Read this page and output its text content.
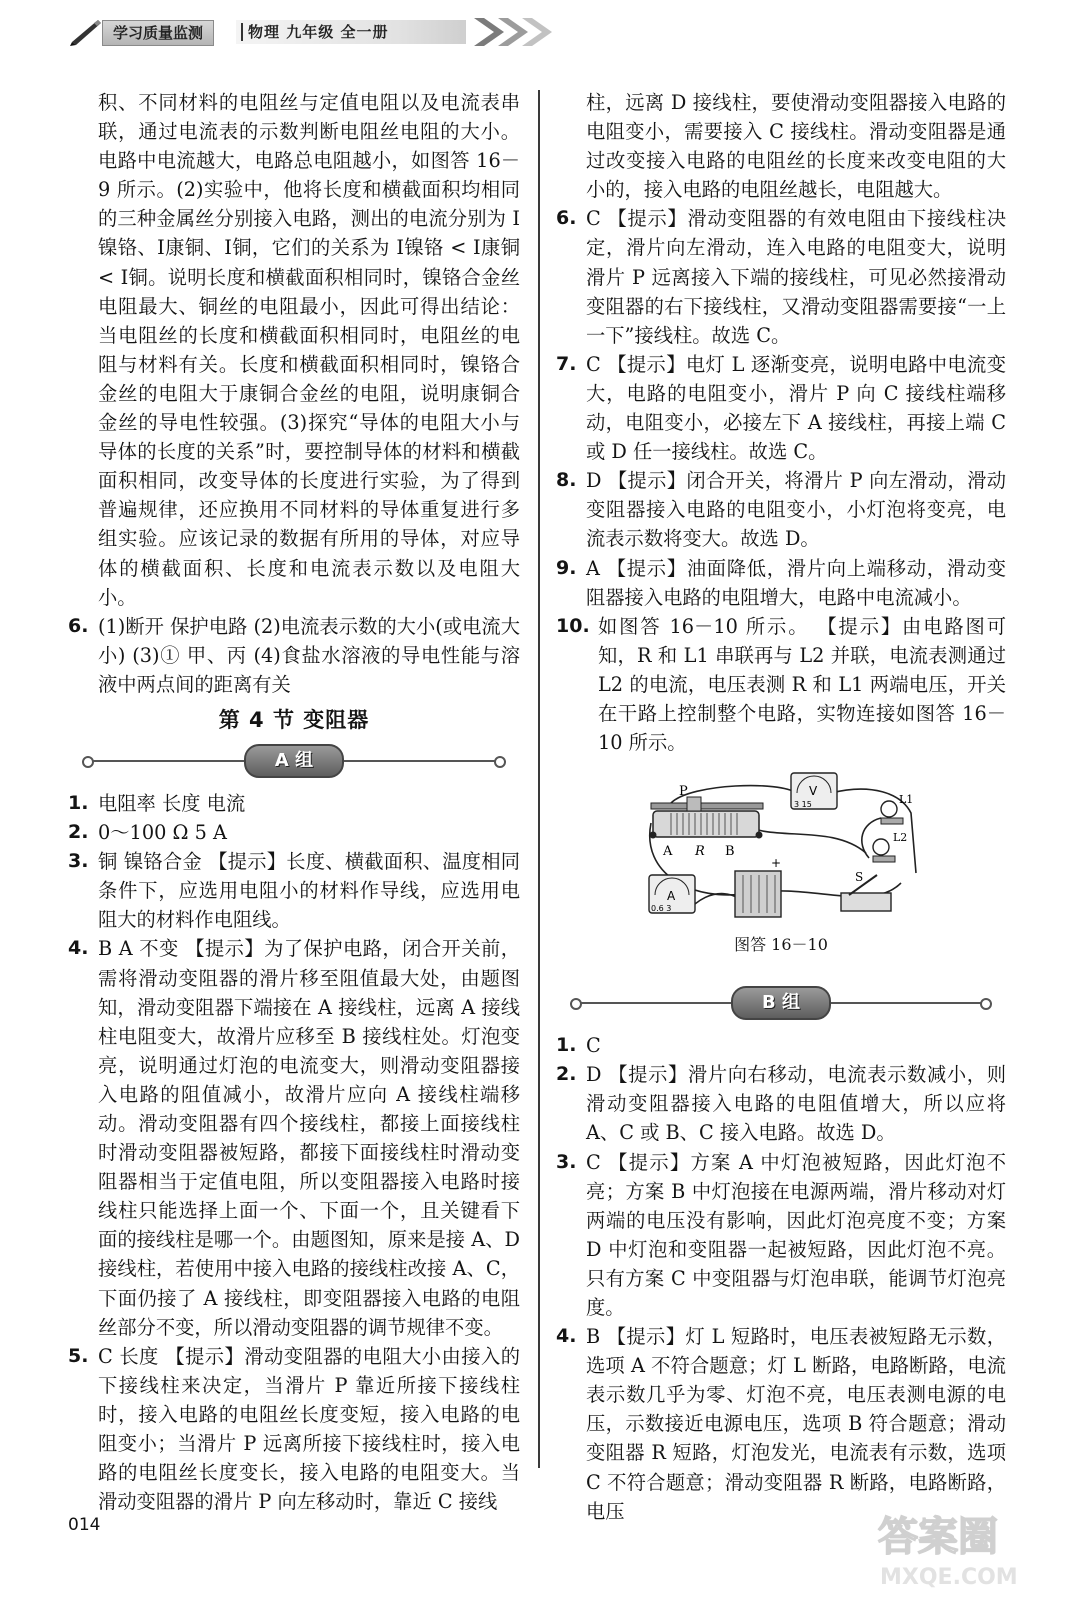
学习质量监测	物理 九年级 全一册

积、不同材料的电阻丝与定值电阻以及电流表串联，通过电流表的示数判断电阻丝电阻的大小。电路中电流越大，电路总电阻越小，如图答 16－9 所示。(2)实验中，他将长度和横截面积均相同的三种金属丝分别接入电路，测出的电流分别为 I镍铬、I康铜、I铜，它们的关系为 I镍铬 < I康铜 < I铜。说明长度和横截面积相同时，镍铬合金丝电阻最大、铜丝的电阻最小，因此可得出结论：当电阻丝的长度和横截面积相同时，电阻丝的电阻与材料有关。长度和横截面积相同时，镍铬合金丝的电阻大于康铜合金丝的电阻，说明康铜合金丝的导电性较强。(3)探究“导体的电阻大小与导体的长度的关系”时，要控制导体的材料和横截面积相同，改变导体的长度进行实验，为了得到普遍规律，还应换用不同材料的导体重复进行多组实验。应该记录的数据有所用的导体，对应导体的横截面积、长度和电流表示数以及电阻大小。

6. (1)断开 保护电路 (2)电流表示数的大小(或电流大小) (3)① 甲、丙 (4)食盐水溶液的导电性能与溶液中两点间的距离有关
第 4 节 变阻器
A 组
1. 电阻率 长度 电流
2. 0～100 Ω 5 A
3. 铜 镍铬合金 【提示】长度、横截面积、温度相同条件下，应选用电阻小的材料作导线，应选用电阻大的材料作电阻线。
4. B A 不变 【提示】为了保护电路，闭合开关前，需将滑动变阻器的滑片移至阻值最大处，由题图知，滑动变阻器下端接在 A 接线柱，远离 A 接线柱电阻变大，故滑片应移至 B 接线柱处。灯泡变亮，说明通过灯泡的电流变大，则滑动变阻器接入电路的阻值减小，故滑片应向 A 接线柱端移动。滑动变阻器有四个接线柱，都接上面接线柱时滑动变阻器被短路，都接下面接线柱时滑动变阻器相当于定值电阻，所以变阻器接入电路时接线柱只能选择上面一个、下面一个，且关键看下面的接线柱是哪一个。由题图知，原来是接 A、D 接线柱，若使用中接入电路的接线柱改接 A、C，下面仍接了 A 接线柱，即变阻器接入电路的电阻丝部分不变，所以滑动变阻器的调节规律不变。
5. C 长度 【提示】滑动变阻器的电阻大小由接入的下接线柱来决定，当滑片 P 靠近所接下接线柱时，接入电路的电阻丝长度变短，接入电路的电阻变小；当滑片 P 远离所接下接线柱时，接入电路的电阻丝长度变长，接入电路的电阻变大。当滑动变阻器的滑片 P 向左移动时，靠近 C 接线

柱，远离 D 接线柱，要使滑动变阻器接入电路的电阻变小，需要接入 C 接线柱。滑动变阻器是通过改变接入电路的电阻丝的长度来改变电阻的大小的，接入电路的电阻丝越长，电阻越大。

6. C 【提示】滑动变阻器的有效电阻由下接线柱决定，滑片向左滑动，连入电路的电阻变大，说明滑片 P 远离接入下端的接线柱，可见必然接滑动变阻器的右下接线柱，又滑动变阻器需要接“一上一下”接线柱。故选 C。
7. C 【提示】电灯 L 逐渐变亮，说明电路中电流变大，电路的电阻变小，滑片 P 向 C 接线柱端移动，电阻变小，必接左下 A 接线柱，再接上端 C 或 D 任一接线柱。故选 C。
8. D 【提示】闭合开关，将滑片 P 向左滑动，滑动变阻器接入电路的电阻变小，小灯泡将变亮，电流表示数将变大。故选 D。
9. A 【提示】油面降低，滑片向上端移动，滑动变阻器接入电路的电阻增大，电路中电流减小。
10. 如图答 16－10 所示。 【提示】由电路图可知，R 和 L1 串联再与 L2 并联，电流表测通过 L2 的电流，电压表测 R 和 L1 两端电压，开关在干路上控制整个电路，实物连接如图答 16－10 所示。
P
A R B
V
3 15	L1
L2
A
0.6 3
+
S
图答 16－10
B 组
1. C
2. D 【提示】滑片向右移动，电流表示数减小，则滑动变阻器接入电路的电阻值增大，所以应将 A、C 或 B、C 接入电路。故选 D。
3. C 【提示】方案 A 中灯泡被短路，因此灯泡不亮；方案 B 中灯泡接在电源两端，滑片移动对灯两端的电压没有影响，因此灯泡亮度不变；方案 D 中灯泡和变阻器一起被短路，因此灯泡不亮。只有方案 C 中变阻器与灯泡串联，能调节灯泡亮度。
4. B 【提示】灯 L 短路时，电压表被短路无示数，选项 A 不符合题意；灯 L 断路，电路断路，电流表示数几乎为零、灯泡不亮，电压表测电源的电压，示数接近电源电压，选项 B 符合题意；滑动变阻器 R 短路，灯泡发光，电流表有示数，选项 C 不符合题意；滑动变阻器 R 断路，电路断路，电压
014	答案圈
MXQE.COM
